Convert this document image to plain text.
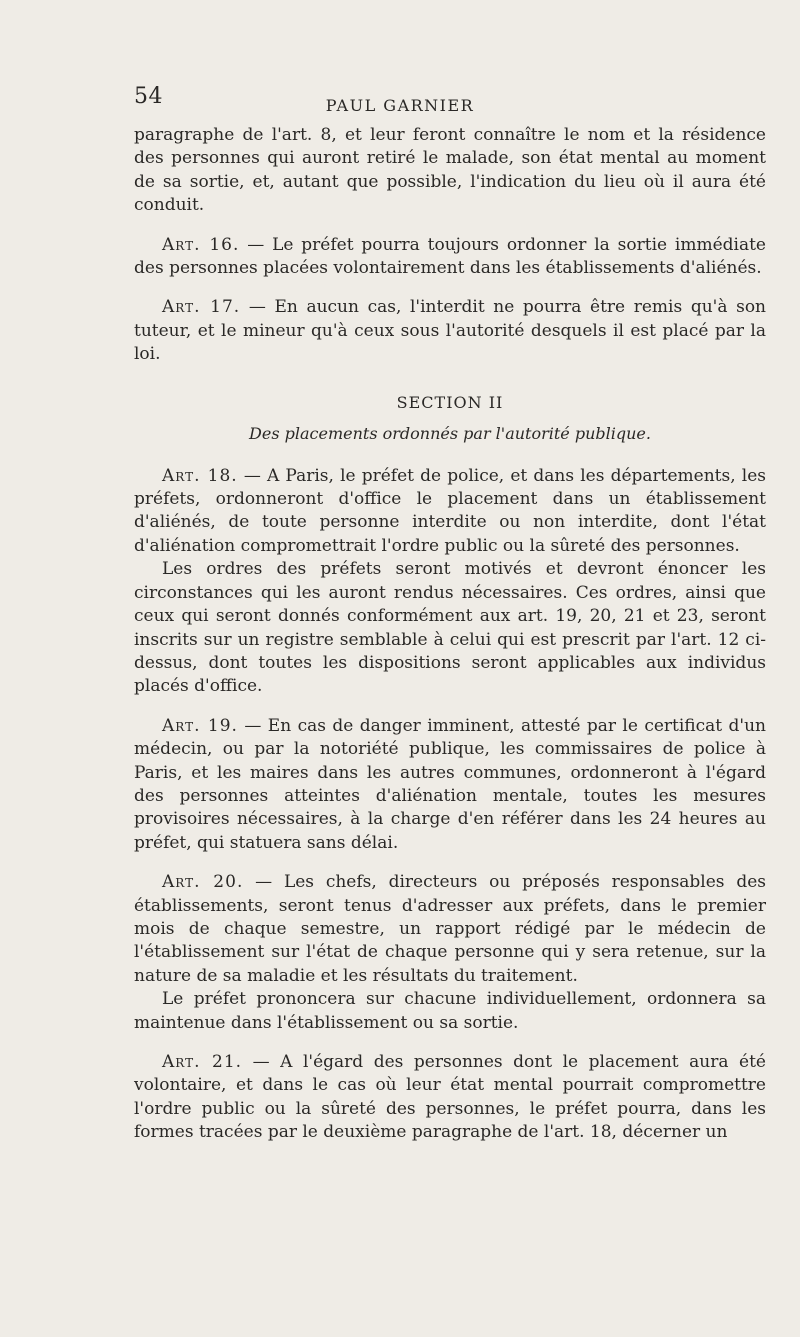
54	PAUL GARNIER

paragraphe de l'art. 8, et leur feront connaître le nom et la résidence des personnes qui auront retiré le malade, son état mental au moment de sa sortie, et, autant que possible, l'indication du lieu où il aura été conduit.

Art. 16. — Le préfet pourra toujours ordonner la sortie immédiate des personnes placées volontairement dans les établissements d'aliénés.

Art. 17. — En aucun cas, l'interdit ne pourra être remis qu'à son tuteur, et le mineur qu'à ceux sous l'autorité desquels il est placé par la loi.

SECTION II
Des placements ordonnés par l'autorité publique.

Art. 18. — A Paris, le préfet de police, et dans les départements, les préfets, ordonneront d'office le placement dans un établissement d'aliénés, de toute personne interdite ou non interdite, dont l'état d'aliénation compromettrait l'ordre public ou la sûreté des personnes.

Les ordres des préfets seront motivés et devront énoncer les circonstances qui les auront rendus nécessaires. Ces ordres, ainsi que ceux qui seront donnés conformément aux art. 19, 20, 21 et 23, seront inscrits sur un registre semblable à celui qui est prescrit par l'art. 12 ci-dessus, dont toutes les dispositions seront applicables aux individus placés d'office.

Art. 19. — En cas de danger imminent, attesté par le certificat d'un médecin, ou par la notoriété publique, les commissaires de police à Paris, et les maires dans les autres communes, ordonneront à l'égard des personnes atteintes d'aliénation mentale, toutes les mesures provisoires nécessaires, à la charge d'en référer dans les 24 heures au préfet, qui statuera sans délai.

Art. 20. — Les chefs, directeurs ou préposés responsables des établissements, seront tenus d'adresser aux préfets, dans le premier mois de chaque semestre, un rapport rédigé par le médecin de l'établissement sur l'état de chaque personne qui y sera retenue, sur la nature de sa maladie et les résultats du traitement.

Le préfet prononcera sur chacune individuellement, ordonnera sa maintenue dans l'établissement ou sa sortie.

Art. 21. — A l'égard des personnes dont le placement aura été volontaire, et dans le cas où leur état mental pourrait compromettre l'ordre public ou la sûreté des personnes, le préfet pourra, dans les formes tracées par le deuxième paragraphe de l'art. 18, décerner un
